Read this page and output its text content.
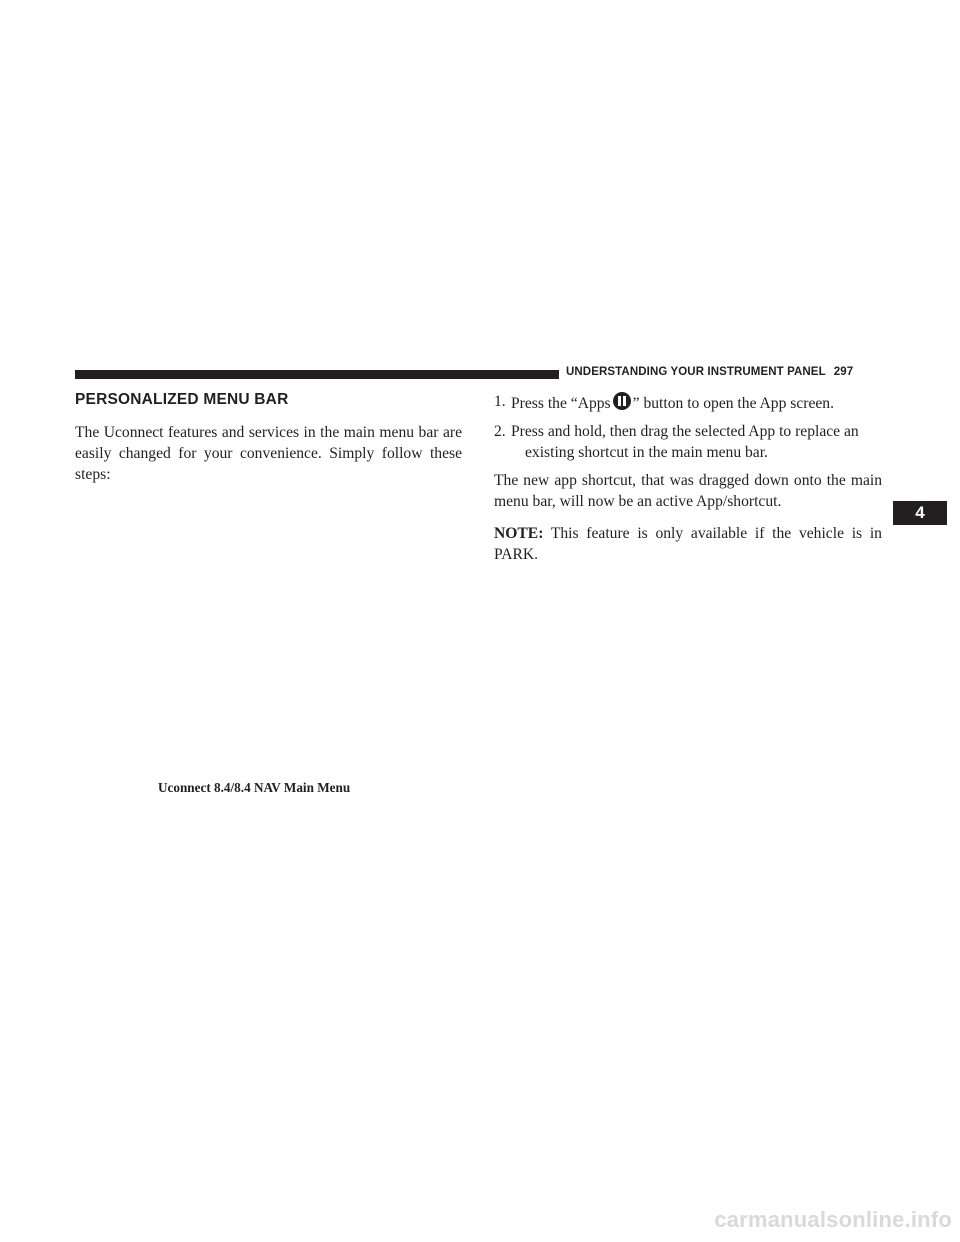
UNDERSTANDING YOUR INSTRUMENT PANEL 297
PERSONALIZED MENU BAR

The Uconnect features and services in the main menu bar are easily changed for your convenience. Simply follow these steps:

1. Press the “Apps ” button to open the App screen.
2. Press and hold, then drag the selected App to replace an
existing shortcut in the main menu bar.

The new app shortcut, that was dragged down onto the main menu bar, will now be an active App/shortcut.

NOTE: This feature is only available if the vehicle is in PARK.

Uconnect 8.4/8.4 NAV Main Menu
4
carmanualsonline.info
